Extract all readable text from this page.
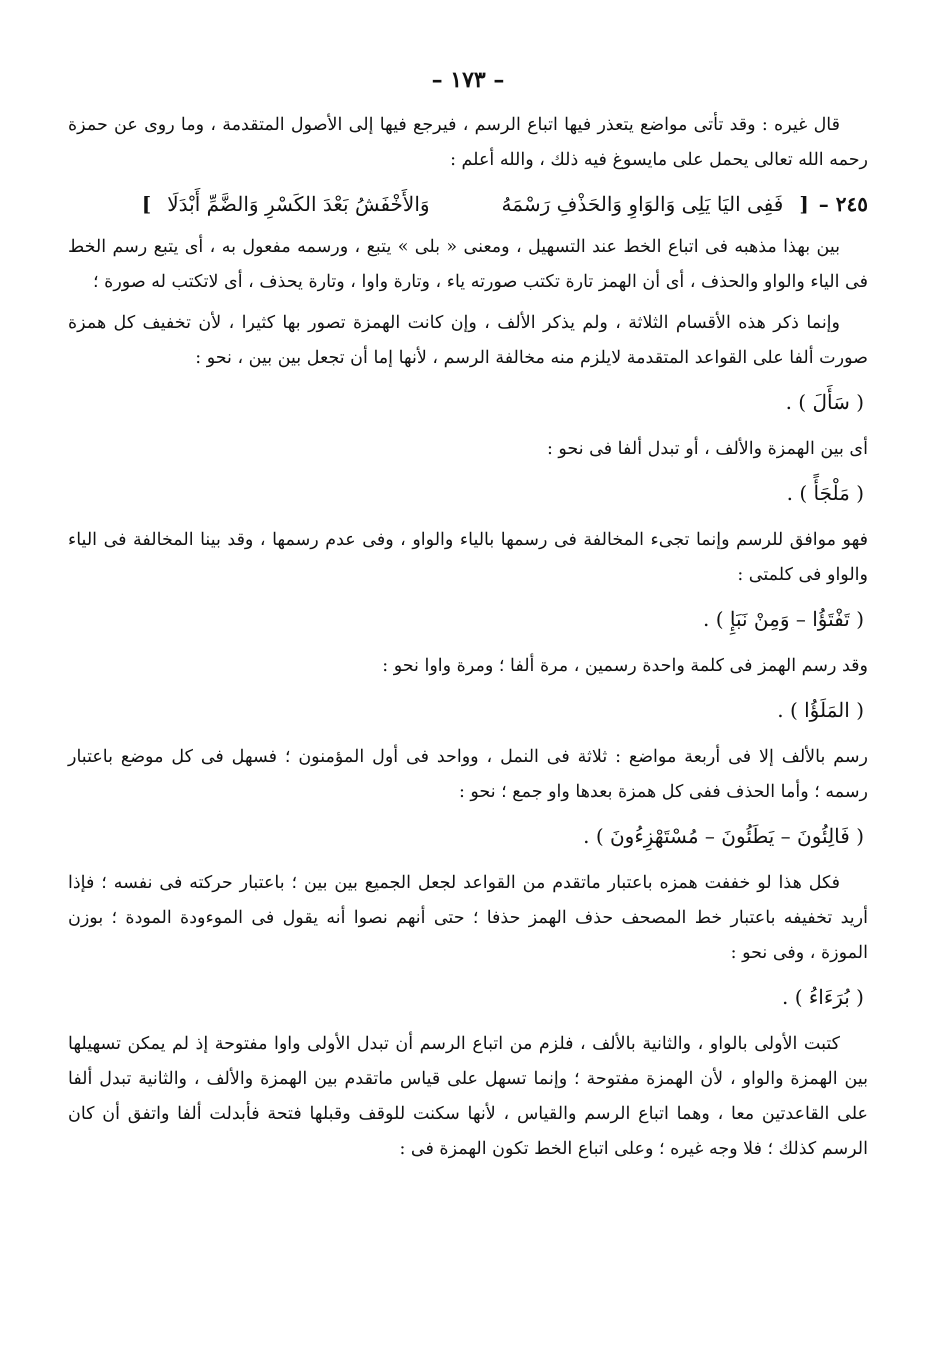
– ١٧٣ –

قال غيره : وقد تأتى مواضع يتعذر فيها اتباع الرسم ، فيرجع فيها إلى الأصول المتقدمة ، وما روى عن حمزة رحمه الله تعالى يحمل على مايسوغ فيه ذلك ، والله أعلم :

٢٤٥ –
[
فَفِى اليَا يَلِى وَالوَاوِ وَالحَذْفِ رَسْمَهُ
وَالأَخْفَشُ بَعْدَ الكَسْرِ وَالضَّمِّ أَبْدَلَا
]

بين بهذا مذهبه فى اتباع الخط عند التسهيل ، ومعنى « بلى » يتبع ، ورسمه مفعول به ، أى يتبع رسم الخط فى الياء والواو والحذف ، أى أن الهمز تارة تكتب صورته ياء ، وتارة واوا ، وتارة يحذف ، أى لاتكتب له صورة ؛

وإنما ذكر هذه الأقسام الثلاثة ، ولم يذكر الألف ، وإن كانت الهمزة تصور بها كثيرا ، لأن تخفيف كل همزة صورت ألفا على القواعد المتقدمة لايلزم منه مخالفة الرسم ، لأنها إما أن تجعل بين بين ، نحو :

( سَأَلَ ) .

أى بين الهمزة والألف ، أو تبدل ألفا فى نحو :

( مَلْجَأً ) .

فهو موافق للرسم وإنما تجىء المخالفة فى رسمها بالياء والواو ، وفى عدم رسمها ، وقد بينا المخالفة فى الياء والواو فى كلمتى :

( تَفْتَؤُا – وَمِنْ نَبَإِ ) .

وقد رسم الهمز فى كلمة واحدة رسمين ، مرة ألفا ؛ ومرة واوا نحو :

( المَلَؤُا ) .

رسم بالألف إلا فى أربعة مواضع : ثلاثة فى النمل ، وواحد فى أول المؤمنون ؛ فسهل فى كل موضع باعتبار رسمه ؛ وأما الحذف ففى كل همزة بعدها واو جمع ؛ نحو :

( فَالِئُونَ – يَطَئُونَ – مُسْتَهْزِءُونَ ) .

فكل هذا لو خففت همزه باعتبار ماتقدم من القواعد لجعل الجميع بين بين ؛ باعتبار حركته فى نفسه ؛ فإذا أريد تخفيفه باعتبار خط المصحف حذف الهمز حذفا ؛ حتى أنهم نصوا أنه يقول فى الموءودة المودة ؛ بوزن الموزة ، وفى نحو :

( بُرَءَاءُ ) .

كتبت الأولى بالواو ، والثانية بالألف ، فلزم من اتباع الرسم أن تبدل الأولى واوا مفتوحة إذ لم يمكن تسهيلها بين الهمزة والواو ، لأن الهمزة مفتوحة ؛ وإنما تسهل على قياس ماتقدم بين الهمزة والألف ، والثانية تبدل ألفا على القاعدتين معا ، وهما اتباع الرسم والقياس ، لأنها سكنت للوقف وقبلها فتحة فأبدلت ألفا واتفق أن كان الرسم كذلك ؛ فلا وجه غيره ؛ وعلى اتباع الخط تكون الهمزة فى :
